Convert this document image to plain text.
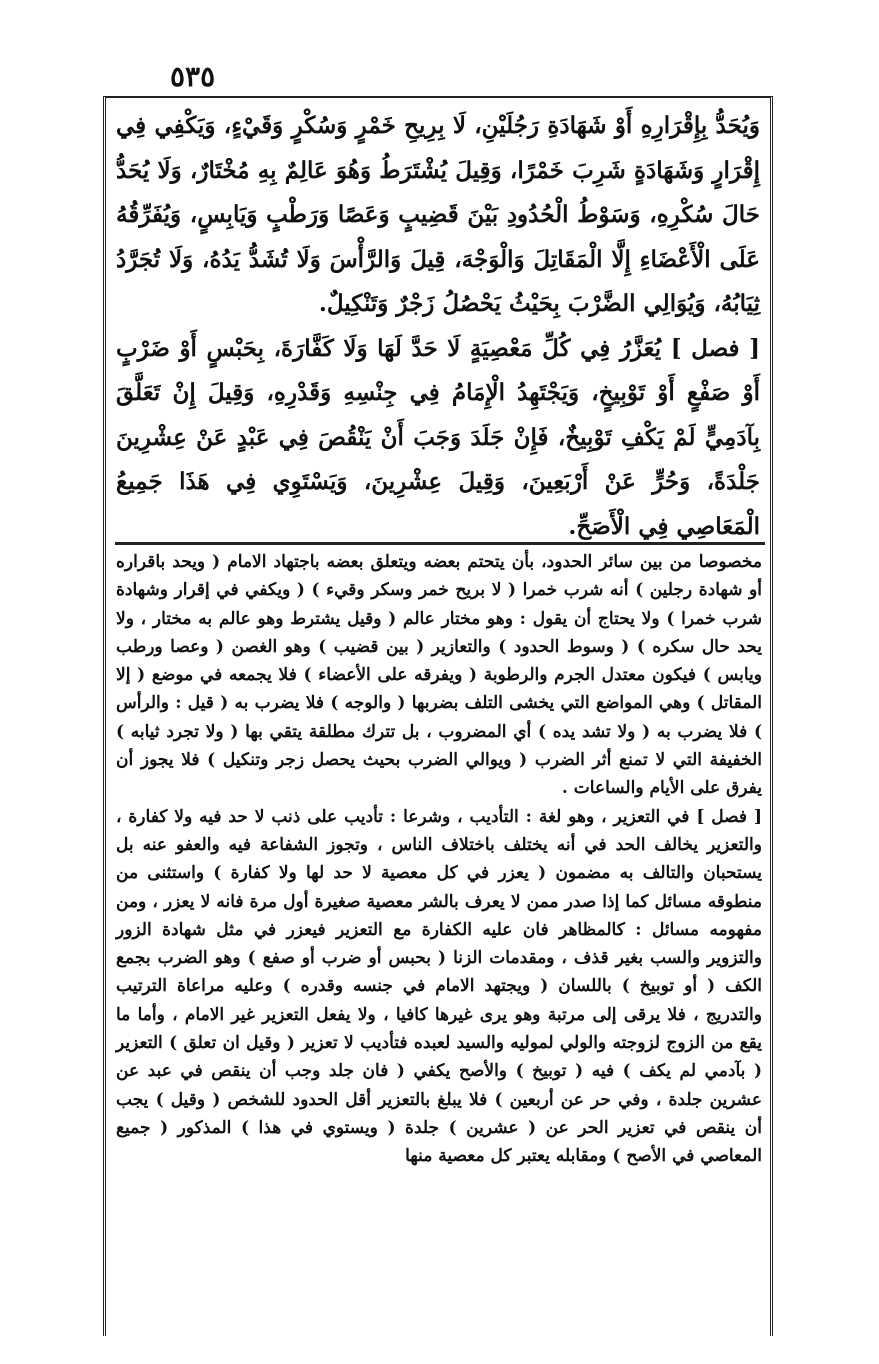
٥٣٥

وَيُحَدُّ بِإِقْرَارِهِ أَوْ شَهَادَةِ رَجُلَيْنِ، لَا بِرِيحِ خَمْرٍ وَسُكْرٍ وَقَيْءٍ، وَيَكْفِي فِي إِقْرَارٍ وَشَهَادَةٍ شَرِبَ خَمْرًا، وَقِيلَ يُشْتَرَطُ وَهُوَ عَالِمٌ بِهِ مُخْتَارٌ، وَلَا يُحَدُّ حَالَ سُكْرِهِ، وَسَوْطُ الْحُدُودِ بَيْنَ قَضِيبٍ وَعَصًا وَرَطْبٍ وَيَابِسٍ، وَيُفَرِّقُهُ عَلَى الْأَعْضَاءِ إِلَّا الْمَقَاتِلَ وَالْوَجْهَ، قِيلَ وَالرَّأْسَ وَلَا تُشَدُّ يَدُهُ، وَلَا تُجَرَّدُ ثِيَابُهُ، وَيُوَالِي الضَّرْبَ بِحَيْثُ يَحْصُلُ زَجْرٌ وَتَنْكِيلٌ.

[ فصل ] يُعَزَّرُ فِي كُلِّ مَعْصِيَةٍ لَا حَدَّ لَهَا وَلَا كَفَّارَةَ، بِحَبْسٍ أَوْ ضَرْبٍ أَوْ صَفْعٍ أَوْ تَوْبِيخٍ، وَيَجْتَهِدُ الْإِمَامُ فِي جِنْسِهِ وَقَدْرِهِ، وَقِيلَ إِنْ تَعَلَّقَ بِآدَمِيٍّ لَمْ يَكْفِ تَوْبِيخٌ، فَإِنْ جَلَدَ وَجَبَ أَنْ يَنْقُصَ فِي عَبْدٍ عَنْ عِشْرِينَ جَلْدَةً، وَحُرٍّ عَنْ أَرْبَعِينَ، وَقِيلَ عِشْرِينَ، وَيَسْتَوِي فِي هَذَا جَمِيعُ الْمَعَاصِي فِي الْأَصَحِّ.

مخصوصا من بين سائر الحدود، بأن يتحتم بعضه ويتعلق بعضه باجتهاد الامام ( ويحد باقراره أو شهادة رجلين ) أنه شرب خمرا ( لا بريح خمر وسكر وقيء ) ( ويكفي في إقرار وشهادة شرب خمرا ) ولا يحتاج أن يقول : وهو مختار عالم ( وقيل يشترط وهو عالم به مختار ، ولا يحد حال سكره ) ( وسوط الحدود ) والتعازير ( بين قضيب ) وهو الغصن ( وعصا ورطب ويابس ) فيكون معتدل الجرم والرطوبة ( ويفرقه على الأعضاء ) فلا يجمعه في موضع ( إلا المقاتل ) وهي المواضع التي يخشى التلف بضربها ( والوجه ) فلا يضرب به ( قيل : والرأس ) فلا يضرب به ( ولا تشد يده ) أي المضروب ، بل تترك مطلقة يتقي بها ( ولا تجرد ثيابه ) الخفيفة التي لا تمنع أثر الضرب ( ويوالي الضرب بحيث يحصل زجر وتنكيل ) فلا يجوز أن يفرق على الأيام والساعات .

[ فصل ] في التعزير ، وهو لغة : التأديب ، وشرعا : تأديب على ذنب لا حد فيه ولا كفارة ، والتعزير يخالف الحد في أنه يختلف باختلاف الناس ، وتجوز الشفاعة فيه والعفو عنه بل يستحبان والتالف به مضمون ( يعزر في كل معصية لا حد لها ولا كفارة ) واستثنى من منطوقه مسائل كما إذا صدر ممن لا يعرف بالشر معصية صغيرة أول مرة فانه لا يعزر ، ومن مفهومه مسائل : كالمظاهر فان عليه الكفارة مع التعزير فيعزر في مثل شهادة الزور والتزوير والسب بغير قذف ، ومقدمات الزنا ( بحبس أو ضرب أو صفع ) وهو الضرب بجمع الكف ( أو توبيخ ) باللسان ( ويجتهد الامام في جنسه وقدره ) وعليه مراعاة الترتيب والتدريج ، فلا يرقى إلى مرتبة وهو يرى غيرها كافيا ، ولا يفعل التعزير غير الامام ، وأما ما يقع من الزوج لزوجته والولي لموليه والسيد لعبده فتأديب لا تعزير ( وقيل ان تعلق ) التعزير ( بآدمي لم يكف ) فيه ( توبيخ ) والأصح يكفي ( فان جلد وجب أن ينقص في عبد عن عشرين جلدة ، وفي حر عن أربعين ) فلا يبلغ بالتعزير أقل الحدود للشخص ( وقيل ) يجب أن ينقص في تعزير الحر عن ( عشرين ) جلدة ( ويستوي في هذا ) المذكور ( جميع المعاصي في الأصح ) ومقابله يعتبر كل معصية منها
